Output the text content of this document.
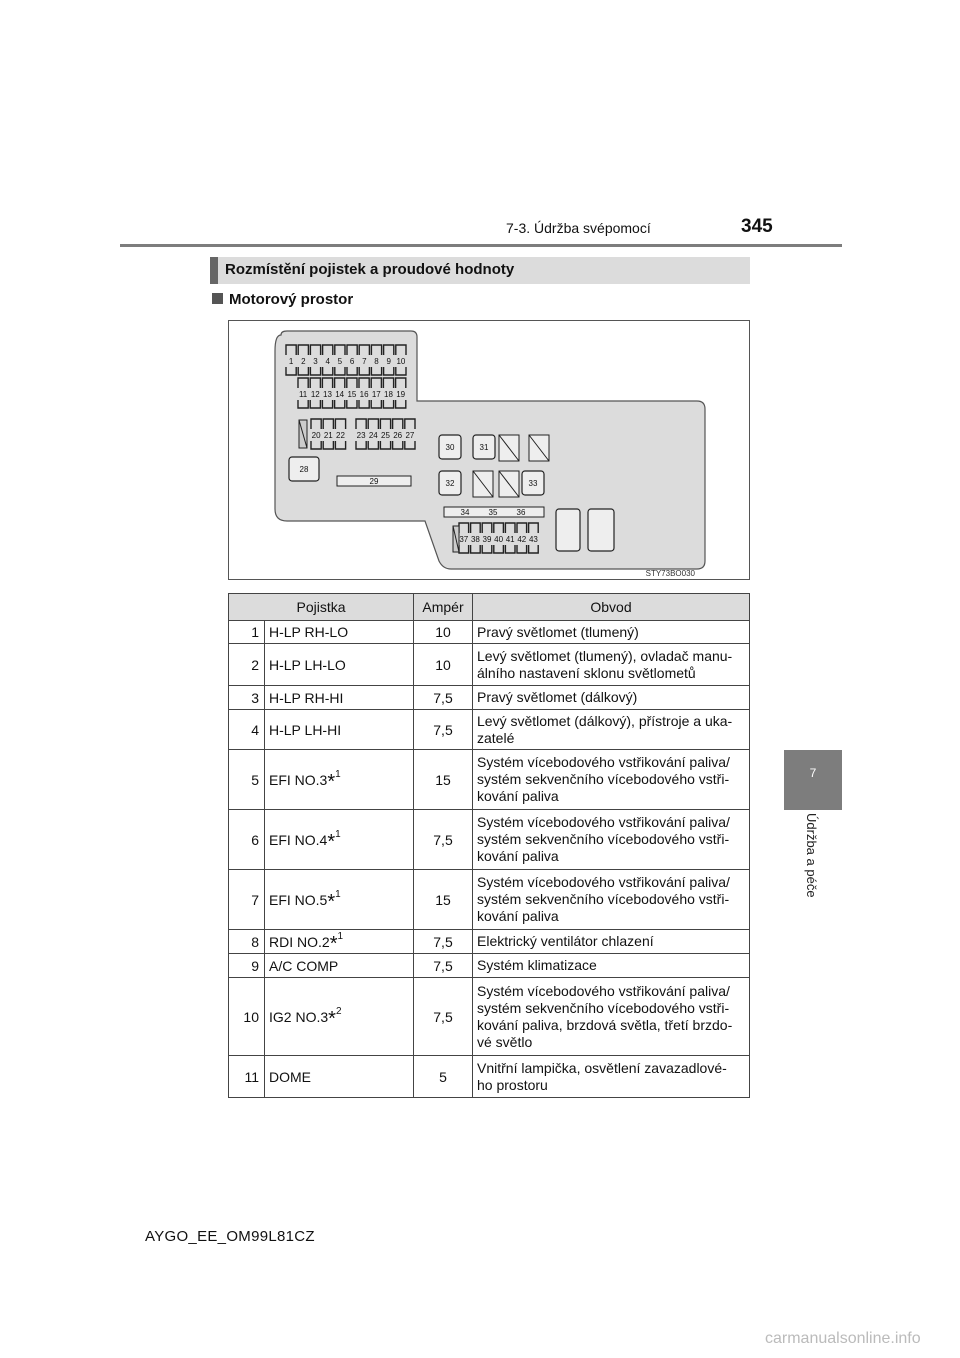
7-3. Údržba svépomocí	345
7
Údržba a péče
Rozmístění pojistek a proudové hodnoty
Motorový prostor
1 2 3 4 5 6 7 8 9 10
11 12 13 14 15 16 17 18 19
20 21 22 23 24 25 26 27
37 38 39 40 41 42 43
28
30	31
32	33
29
34 35 36
STY73BO030
Pojistka		Ampér	Obvod
1	H-LP RH-LO	10	Pravý světlomet (tlumený)
2	H-LP LH-LO	10	Levý světlomet (tlumený), ovladač manu-
álního nastavení sklonu světlometů
3	H-LP RH-HI	7,5	Pravý světlomet (dálkový)
4	H-LP LH-HI	7,5	Levý světlomet (dálkový), přístroje a uka-
zatelé
5	EFI NO.3*$^1$	15	Systém vícebodového vstřikování paliva/
systém sekvenčního vícebodového vstři-
kování paliva
6	EFI NO.4*$^1$	7,5	Systém vícebodového vstřikování paliva/
systém sekvenčního vícebodového vstři-
kování paliva
7	EFI NO.5*$^1$	15	Systém vícebodového vstřikování paliva/
systém sekvenčního vícebodového vstři-
kování paliva
8	RDI NO.2*$^1$	7,5	Elektrický ventilátor chlazení
9	A/C COMP	7,5	Systém klimatizace
10	IG2 NO.3*$^2$	7,5	Systém vícebodového vstřikování paliva/
systém sekvenčního vícebodového vstři-
kování paliva, brzdová světla, třetí brzdo-
vé světlo
11	DOME	5	Vnitřní lampička, osvětlení zavazadlové-
ho prostoru
AYGO_EE_OM99L81CZ
carmanualsonline.info
